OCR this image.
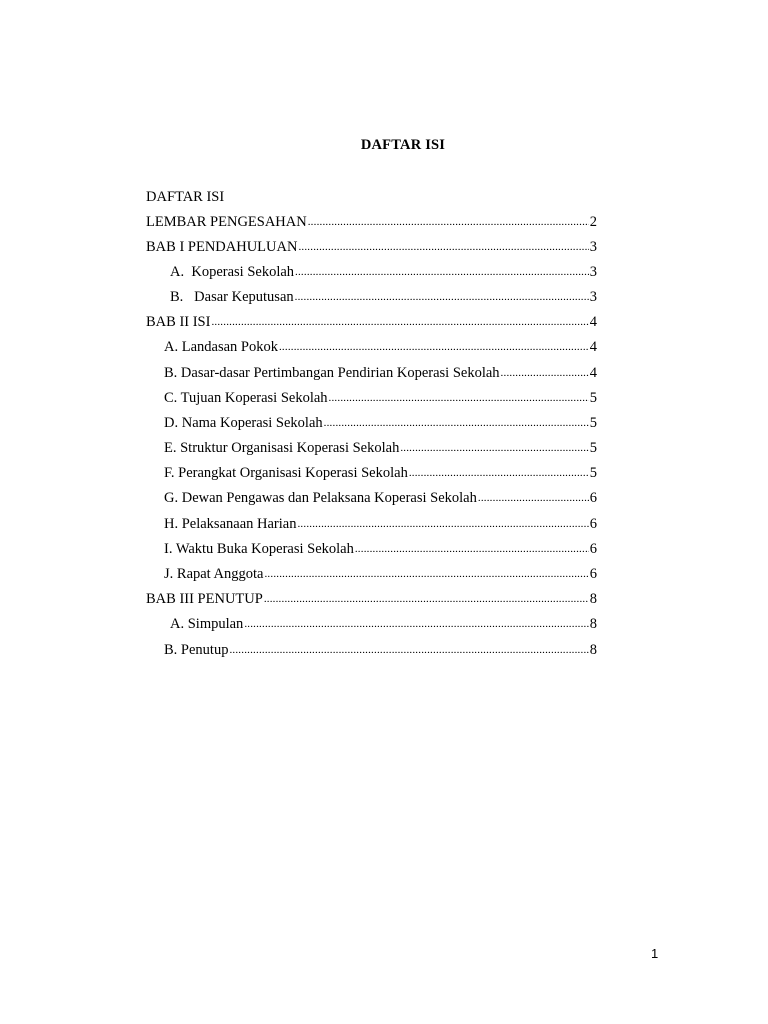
DAFTAR ISI
DAFTAR ISI
LEMBAR PENGESAHAN .....	2
BAB I PENDAHULUAN .....	3
A.  Koperasi Sekolah .....	3
B.   Dasar Keputusan .....	3
BAB II ISI .....	4
A. Landasan Pokok .....	4
B. Dasar-dasar Pertimbangan Pendirian Koperasi Sekolah .....	4
C. Tujuan Koperasi Sekolah .....	5
D. Nama Koperasi Sekolah .....	5
E. Struktur Organisasi Koperasi Sekolah .....	5
F. Perangkat Organisasi Koperasi Sekolah .....	5
G. Dewan Pengawas dan Pelaksana Koperasi Sekolah .....	6
H. Pelaksanaan Harian .....	6
I. Waktu Buka Koperasi Sekolah .....	6
J. Rapat Anggota .....	6
BAB III PENUTUP .....	8
A. Simpulan .....	8
B. Penutup .....	8
1
